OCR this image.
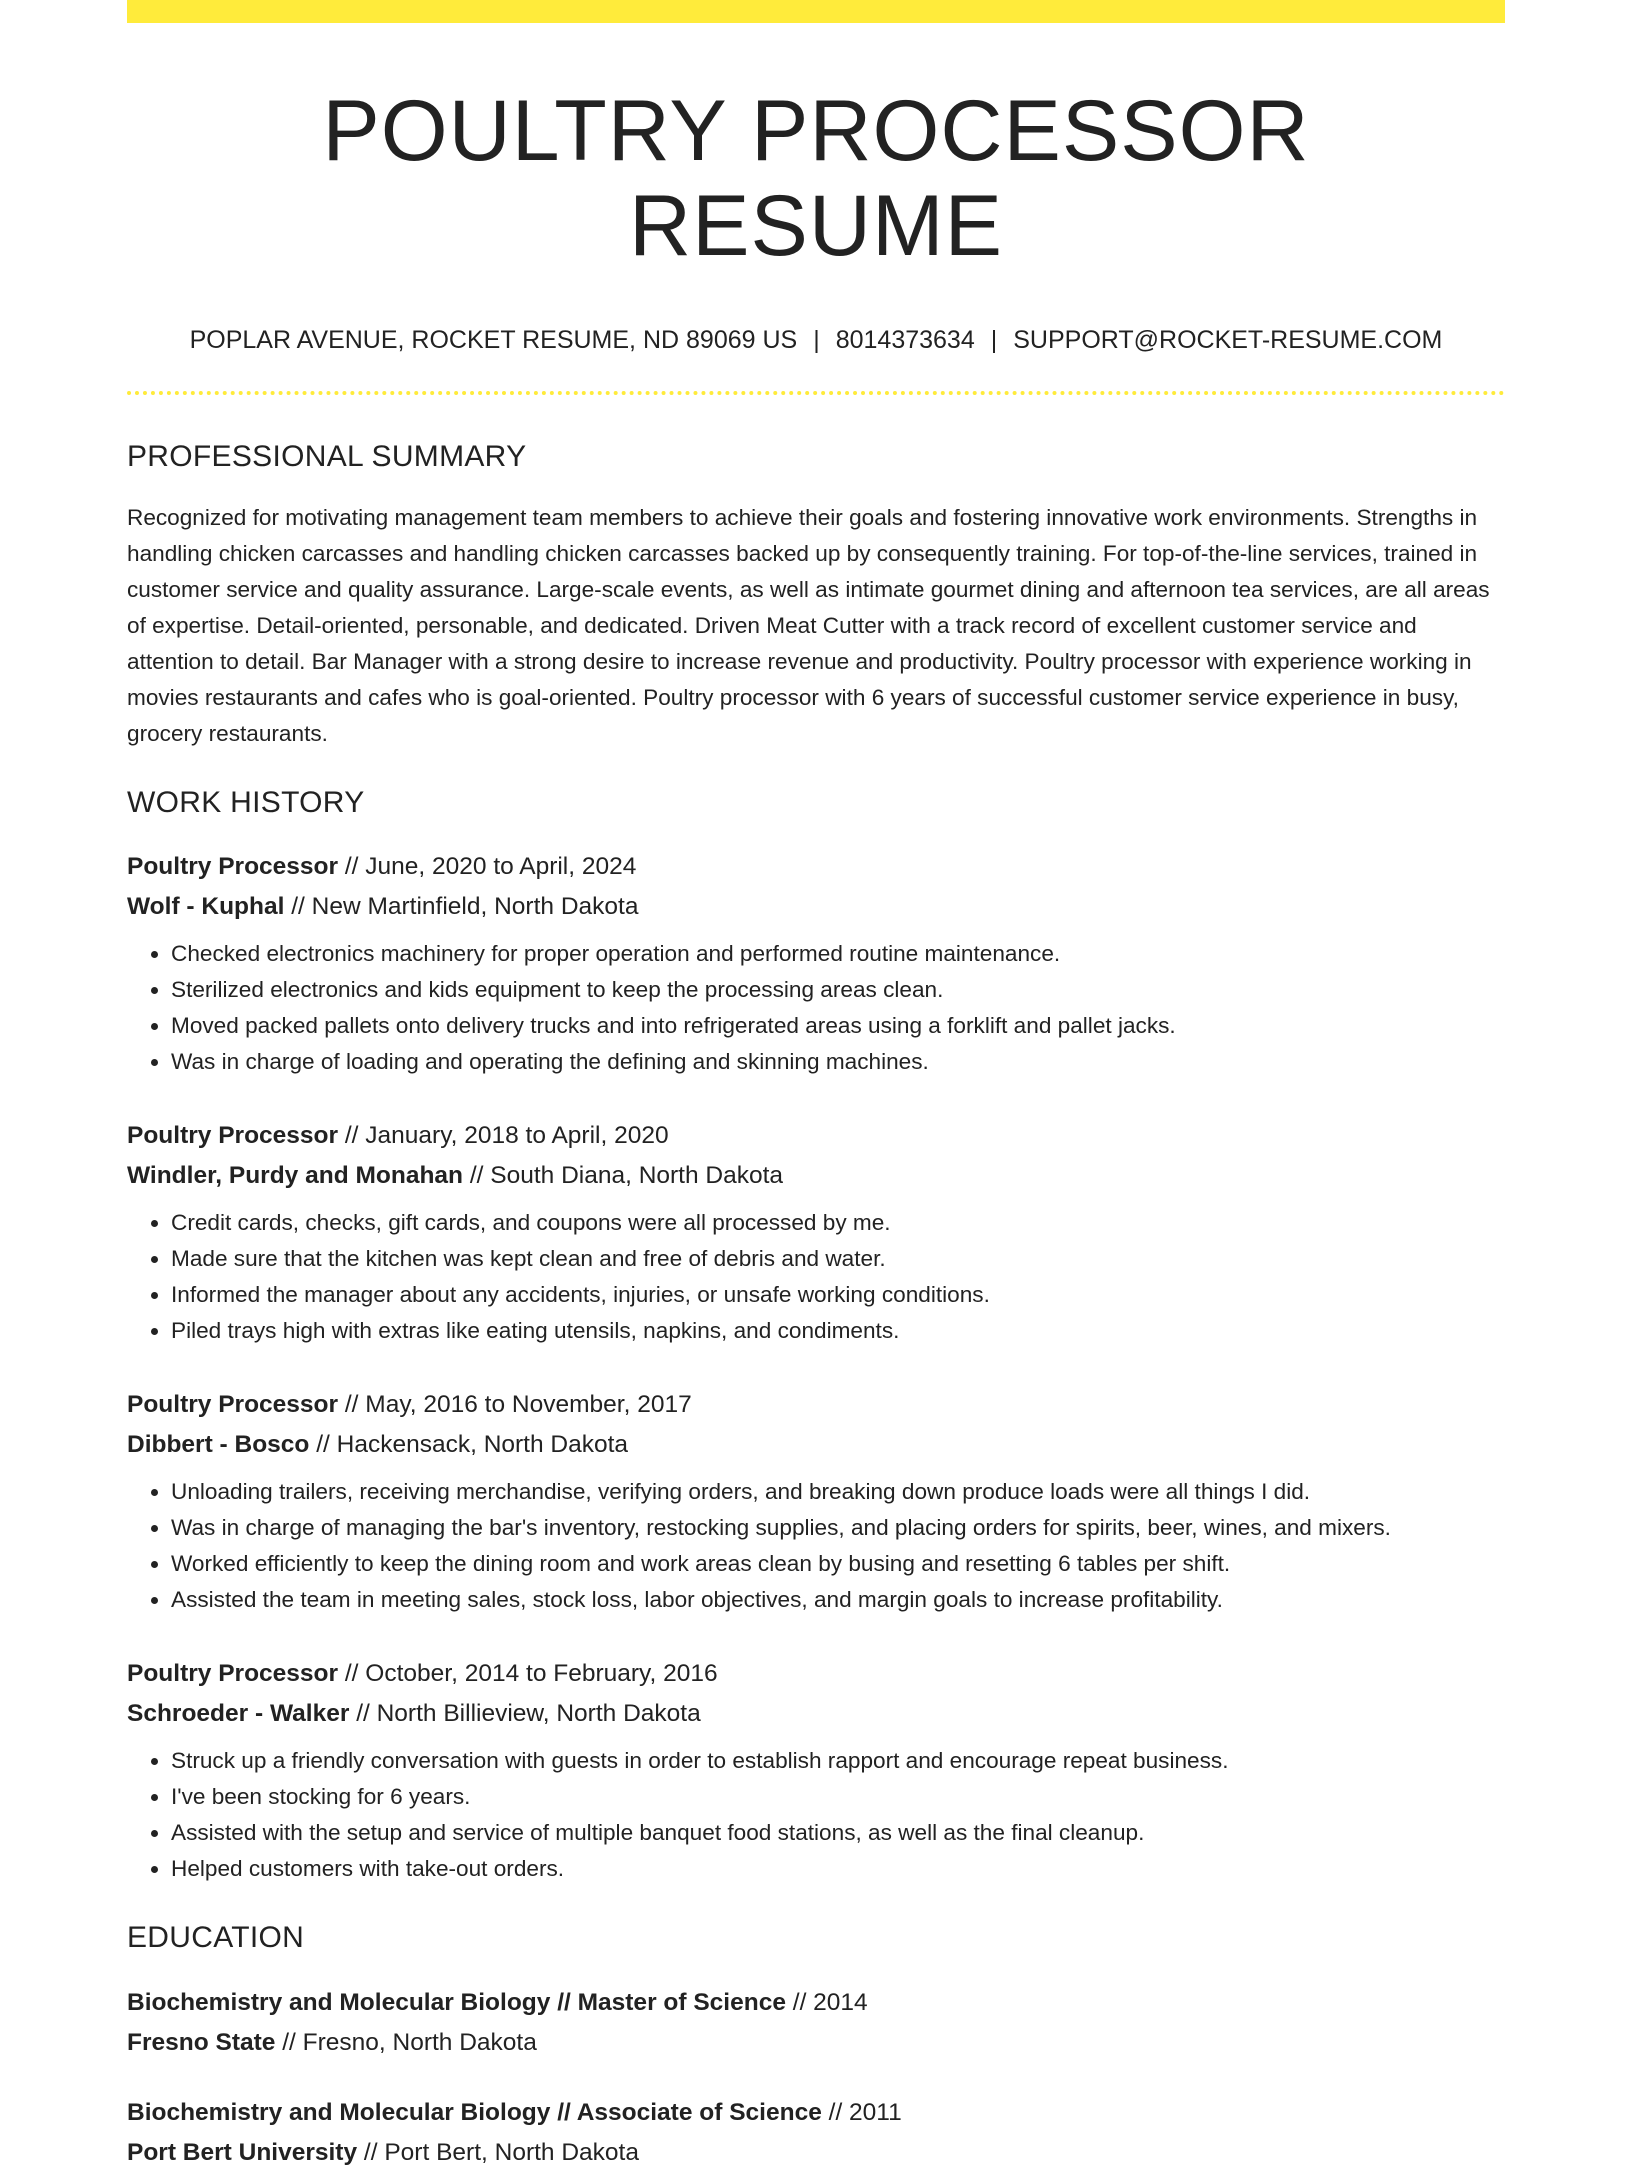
POULTRY PROCESSOR RESUME
POPLAR AVENUE, ROCKET RESUME, ND 89069 US | 8014373634 | SUPPORT@ROCKET-RESUME.COM
PROFESSIONAL SUMMARY

Recognized for motivating management team members to achieve their goals and fostering innovative work environments. Strengths in handling chicken carcasses and handling chicken carcasses backed up by consequently training. For top-of-the-line services, trained in customer service and quality assurance. Large-scale events, as well as intimate gourmet dining and afternoon tea services, are all areas of expertise. Detail-oriented, personable, and dedicated. Driven Meat Cutter with a track record of excellent customer service and attention to detail. Bar Manager with a strong desire to increase revenue and productivity. Poultry processor with experience working in movies restaurants and cafes who is goal-oriented. Poultry processor with 6 years of successful customer service experience in busy, grocery restaurants.

WORK HISTORY
Poultry Processor // June, 2020 to April, 2024
Wolf - Kuphal // New Martinfield, North Dakota
• Checked electronics machinery for proper operation and performed routine maintenance.
• Sterilized electronics and kids equipment to keep the processing areas clean.
• Moved packed pallets onto delivery trucks and into refrigerated areas using a forklift and pallet jacks.
• Was in charge of loading and operating the defining and skinning machines.
Poultry Processor // January, 2018 to April, 2020
Windler, Purdy and Monahan // South Diana, North Dakota
• Credit cards, checks, gift cards, and coupons were all processed by me.
• Made sure that the kitchen was kept clean and free of debris and water.
• Informed the manager about any accidents, injuries, or unsafe working conditions.
• Piled trays high with extras like eating utensils, napkins, and condiments.
Poultry Processor // May, 2016 to November, 2017
Dibbert - Bosco // Hackensack, North Dakota
• Unloading trailers, receiving merchandise, verifying orders, and breaking down produce loads were all things I did.
• Was in charge of managing the bar's inventory, restocking supplies, and placing orders for spirits, beer, wines, and mixers.
• Worked efficiently to keep the dining room and work areas clean by busing and resetting 6 tables per shift.
• Assisted the team in meeting sales, stock loss, labor objectives, and margin goals to increase profitability.
Poultry Processor // October, 2014 to February, 2016
Schroeder - Walker // North Billieview, North Dakota
• Struck up a friendly conversation with guests in order to establish rapport and encourage repeat business.
• I've been stocking for 6 years.
• Assisted with the setup and service of multiple banquet food stations, as well as the final cleanup.
• Helped customers with take-out orders.
EDUCATION
Biochemistry and Molecular Biology // Master of Science // 2014
Fresno State // Fresno, North Dakota
Biochemistry and Molecular Biology // Associate of Science // 2011
Port Bert University // Port Bert, North Dakota
